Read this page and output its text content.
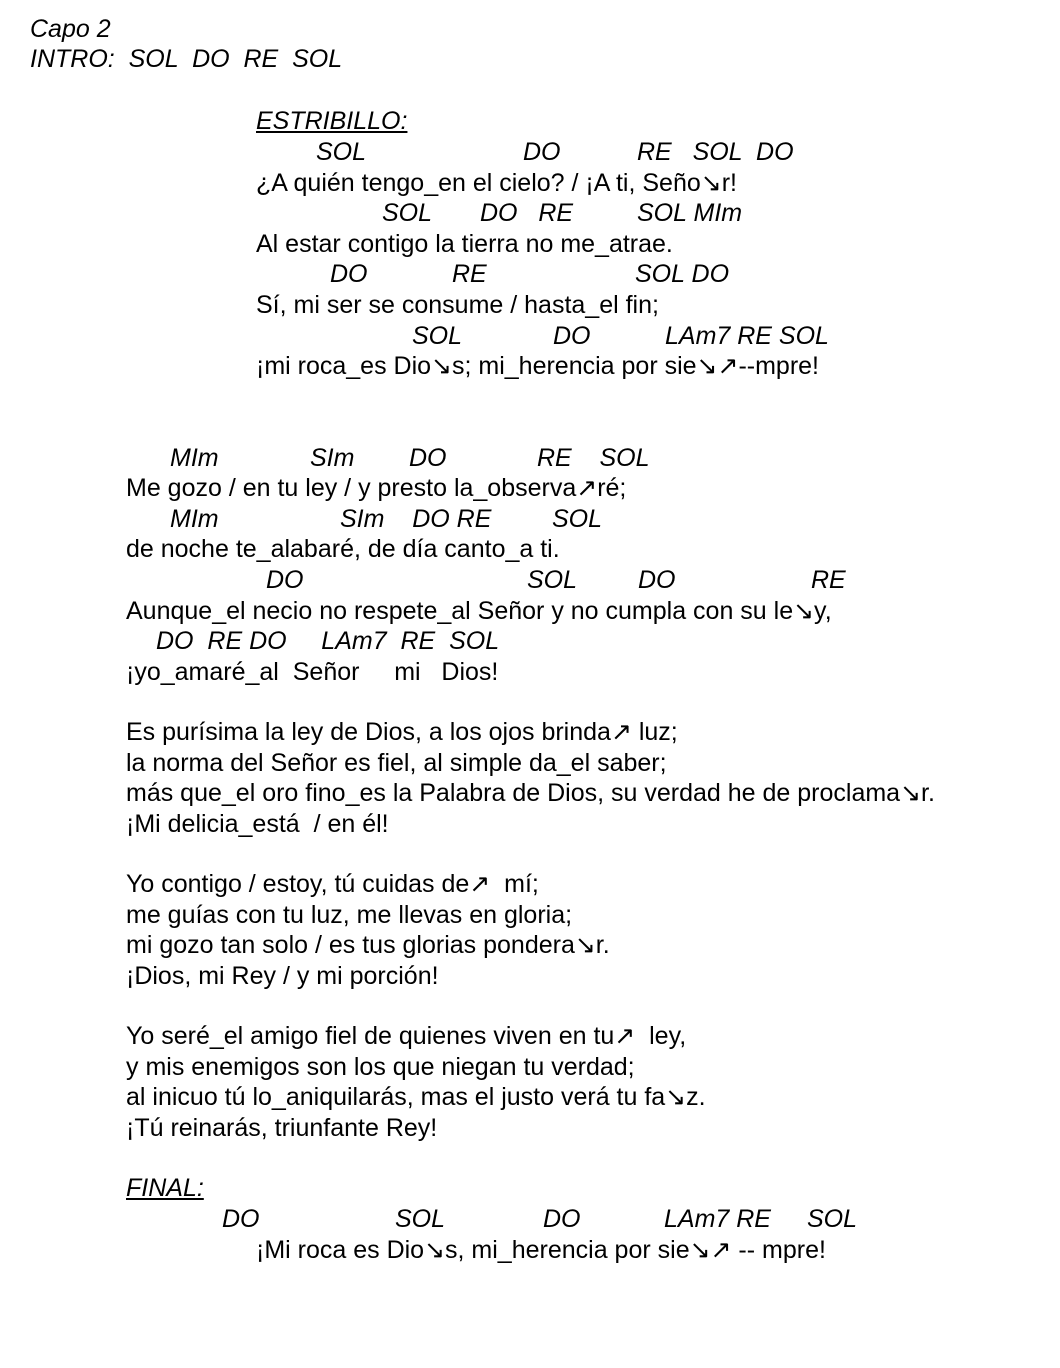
Capo 2

INTRO:  SOL  DO  RE  SOL

ESTRIBILLO:

SOL	DO	RE   SOL  DO

¿A quién tengo_en el cielo? / ¡A ti, Seño↘r!

SOL DO   RE	SOL MIm

Al estar contigo la tierra no me_atrae.

DO	RE	SOL DO

Sí, mi ser se consume / hasta_el fin;

SOL	DO	LAm7 RE SOL

¡mi roca_es Dio↘s; mi_herencia por sie↘↗--mpre!

MIm	SIm DO	RE    SOL

Me gozo / en tu ley / y presto la_observa↗ré;

MIm	SIm    DO RE SOL

de noche te_alabaré, de día canto_a ti.

DO	SOL DO	RE

Aunque_el necio no respete_al Señor y no cumpla con su le↘y,

DO  RE DO     LAm7  RE  SOL

¡yo_amaré_al  Señor     mi   Dios!

Es purísima la ley de Dios, a los ojos brinda↗ luz;

la norma del Señor es fiel, al simple da_el saber;

más que_el oro fino_es la Palabra de Dios, su verdad he de proclama↘r.

¡Mi delicia_está  / en él!

Yo contigo / estoy, tú cuidas de↗  mí;

me guías con tu luz, me llevas en gloria;

mi gozo tan solo / es tus glorias pondera↘r.

¡Dios, mi Rey / y mi porción!

Yo seré_el amigo fiel de quienes viven en tu↗  ley,

y mis enemigos son los que niegan tu verdad;

al inicuo tú lo_aniquilarás, mas el justo verá tu fa↘z.

¡Tú reinarás, triunfante Rey!

FINAL:

DO	SOL	DO	LAm7 RE SOL

¡Mi roca es Dio↘s, mi_herencia por sie↘↗ -- mpre!
